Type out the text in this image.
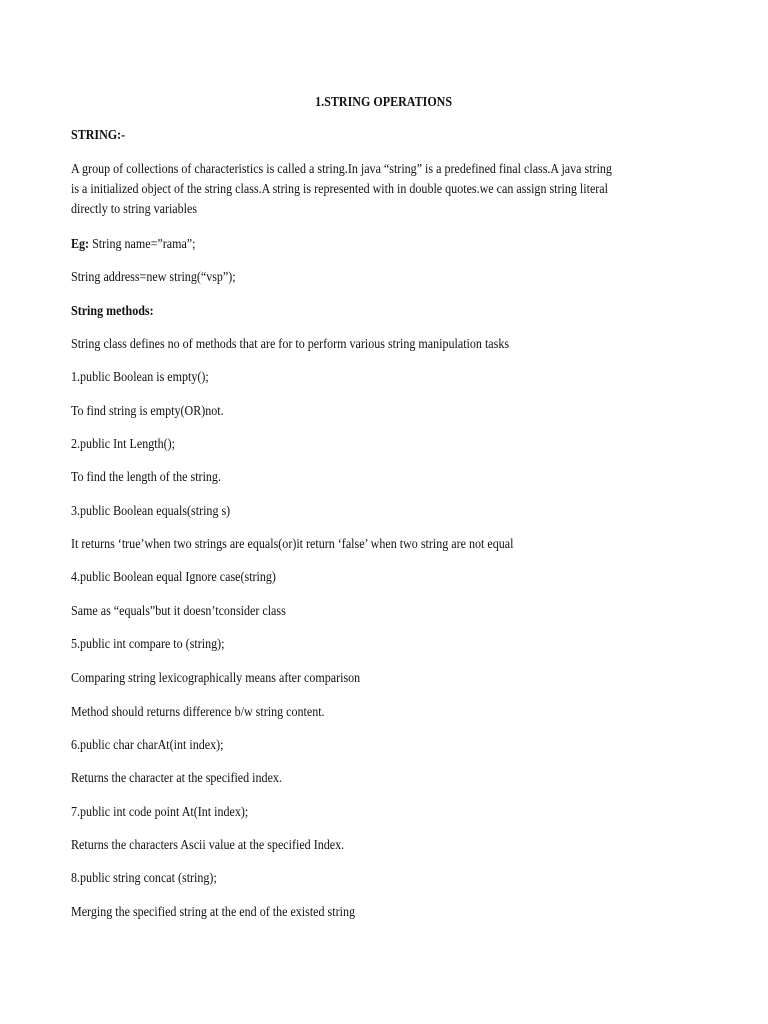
1.STRING OPERATIONS
STRING:-
A group of collections of characteristics is called a string.In java “string” is a predefined final class.A java string
is a initialized object of the string class.A string is represented with in double quotes.we can assign string literal
directly to string variables
Eg: String name=”rama”;
String address=new string(“vsp”);
String methods:
String class defines no of methods that are for to perform various string manipulation tasks
1.public Boolean is empty();
To find string is empty(OR)not.
2.public Int Length();
To find the length of the string.
3.public Boolean equals(string s)
It returns ‘true’when two strings are equals(or)it return ‘false’ when two string are not equal
4.public Boolean equal Ignore case(string)
Same as “equals”but it doesn’tconsider class
5.public int compare to (string);
Comparing string lexicographically means after comparison
Method should returns difference b/w string content.
6.public char charAt(int index);
Returns the character at the specified index.
7.public int code point At(Int index);
Returns the characters Ascii value at the specified Index.
8.public string concat (string);
Merging the specified string at the end of the existed string
